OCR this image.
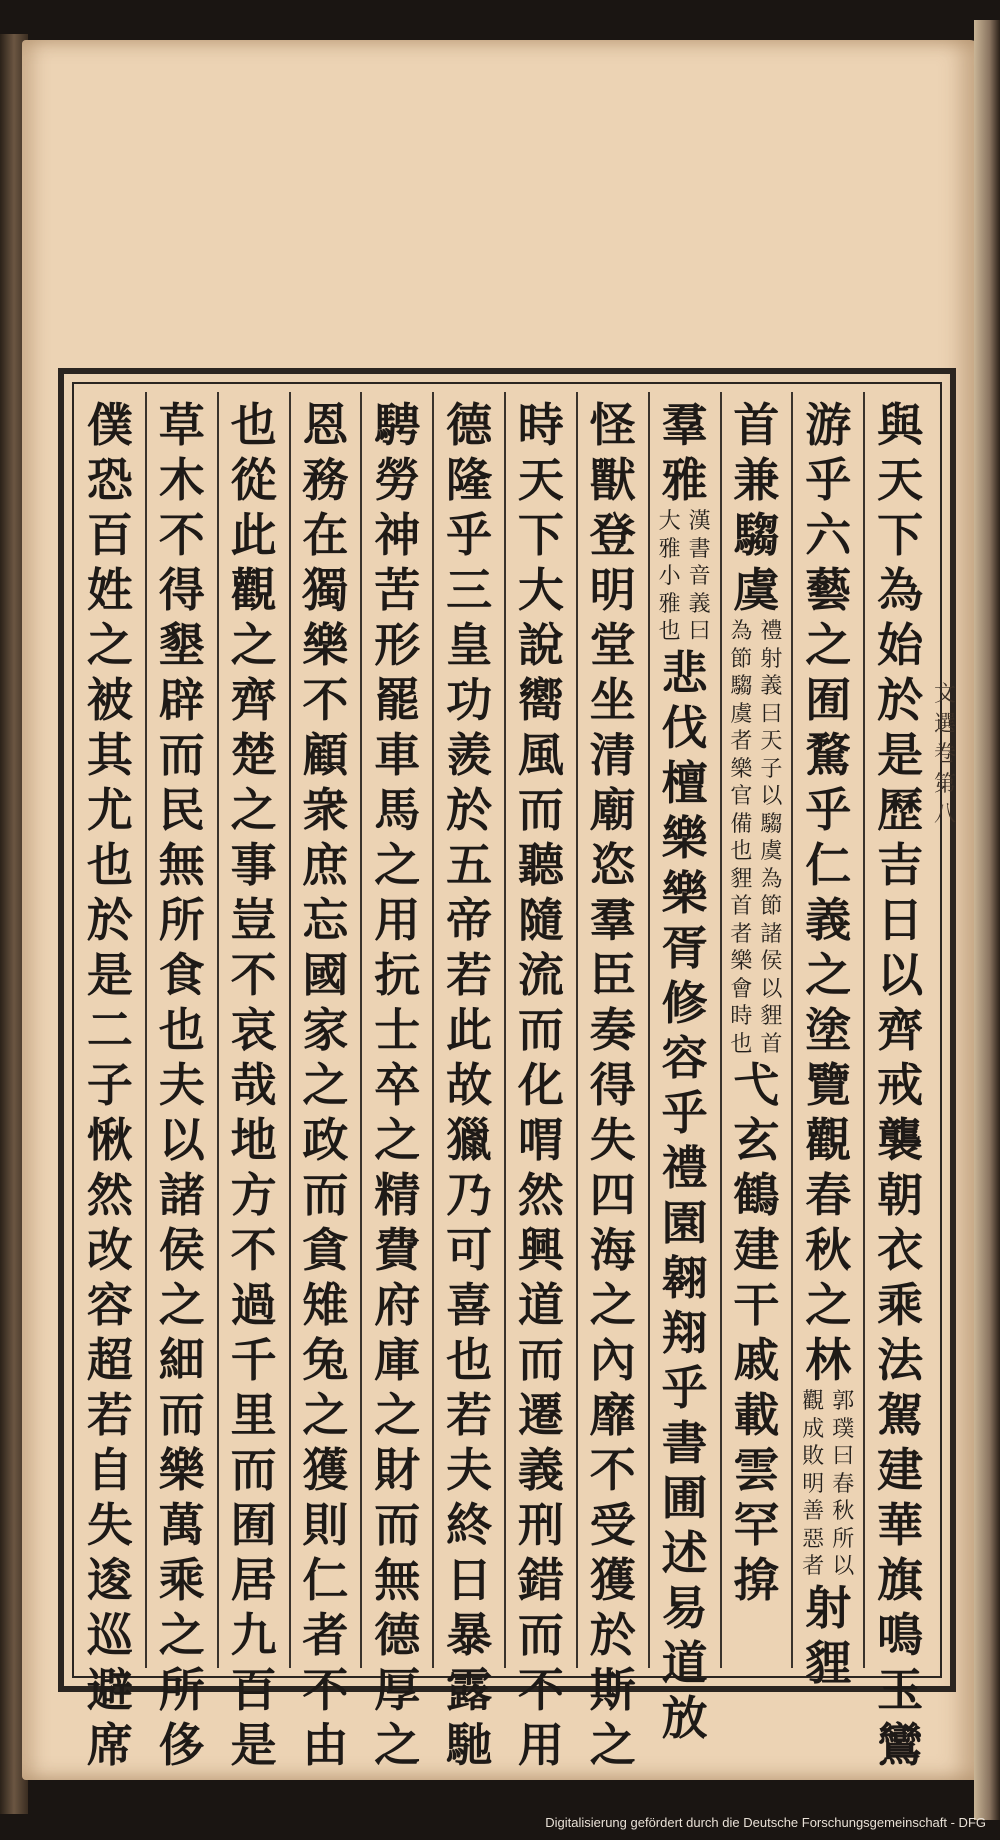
與
天
下
為
始
於
是
歷
吉
日
以
齊
戒
襲
朝
衣
乘
法
駕
建
華
旗
鳴
玉
鸞
游
乎
六
藝
之
囿
騖
乎
仁
義
之
塗
覽
觀
春
秋
之
林
郭
璞
曰
春
秋
所
以
觀
成
敗
明
善
惡
者
射
貍
首
兼
騶
虞
禮
射
義
曰
天
子
以
騶
虞
為
節
諸
侯
以
貍
首
為
節
騶
虞
者
樂
官
備
也
貍
首
者
樂
會
時
也
弋
玄
鶴
建
干
戚
載
雲
罕
揜
羣
雅
漢
書
音
義
曰
大
雅
小
雅
也
悲
伐
檀
樂
樂
胥
修
容
乎
禮
園
翱
翔
乎
書
圃
述
易
道
放
怪
獸
登
明
堂
坐
清
廟
恣
羣
臣
奏
得
失
四
海
之
內
靡
不
受
獲
於
斯
之
時
天
下
大
說
嚮
風
而
聽
隨
流
而
化
喟
然
興
道
而
遷
義
刑
錯
而
不
用
德
隆
乎
三
皇
功
羨
於
五
帝
若
此
故
獵
乃
可
喜
也
若
夫
終
日
暴
露
馳
騁
勞
神
苦
形
罷
車
馬
之
用
抏
士
卒
之
精
費
府
庫
之
財
而
無
德
厚
之
恩
務
在
獨
樂
不
顧
衆
庶
忘
國
家
之
政
而
貪
雉
兔
之
獲
則
仁
者
不
由
也
從
此
觀
之
齊
楚
之
事
豈
不
哀
哉
地
方
不
過
千
里
而
囿
居
九
百
是
草
木
不
得
墾
辟
而
民
無
所
食
也
夫
以
諸
侯
之
細
而
樂
萬
乘
之
所
侈
僕
恐
百
姓
之
被
其
尤
也
於
是
二
子
愀
然
改
容
超
若
自
失
逡
巡
避
席
文選卷第八
Digitalisierung gefördert durch die Deutsche Forschungsgemeinschaft - DFG
